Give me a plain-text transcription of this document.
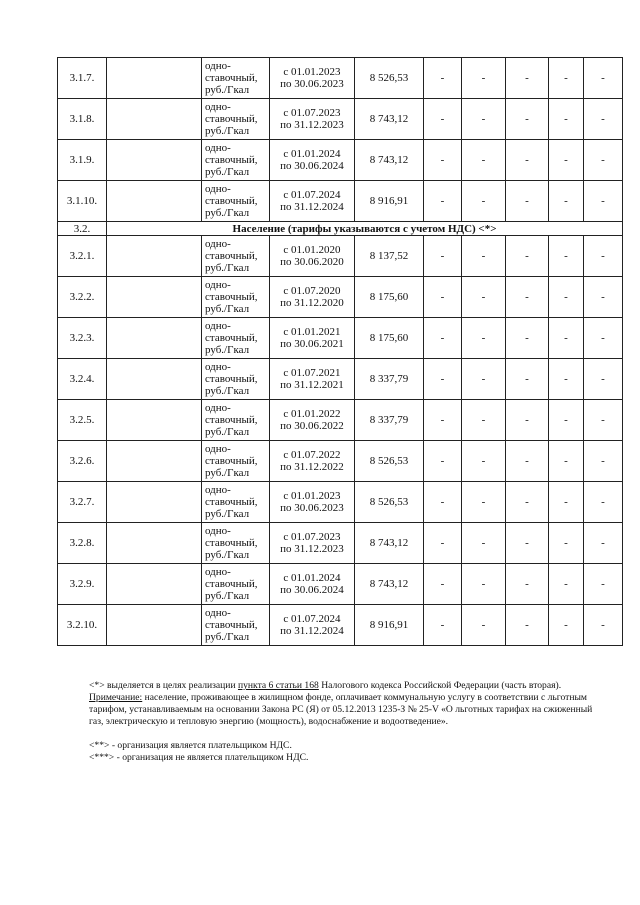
3.1.7.		одно-
ставочный,
руб./Гкал	с 01.01.2023
по 30.06.2023	8 526,53	-	-	-	-	-
3.1.8.		одно-
ставочный,
руб./Гкал	с 01.07.2023
по 31.12.2023	8 743,12	-	-	-	-	-
3.1.9.		одно-
ставочный,
руб./Гкал	с 01.01.2024
по 30.06.2024	8 743,12	-	-	-	-	-
3.1.10.		одно-
ставочный,
руб./Гкал	с 01.07.2024
по 31.12.2024	8 916,91	-	-	-	-	-
3.2.	Население (тарифы указываются с учетом НДС) <*>								
3.2.1.		одно-
ставочный,
руб./Гкал	с 01.01.2020
по 30.06.2020	8 137,52	-	-	-	-	-
3.2.2.		одно-
ставочный,
руб./Гкал	с 01.07.2020
по 31.12.2020	8 175,60	-	-	-	-	-
3.2.3.		одно-
ставочный,
руб./Гкал	с 01.01.2021
по 30.06.2021	8 175,60	-	-	-	-	-
3.2.4.		одно-
ставочный,
руб./Гкал	с 01.07.2021
по 31.12.2021	8 337,79	-	-	-	-	-
3.2.5.		одно-
ставочный,
руб./Гкал	с 01.01.2022
по 30.06.2022	8 337,79	-	-	-	-	-
3.2.6.		одно-
ставочный,
руб./Гкал	с 01.07.2022
по 31.12.2022	8 526,53	-	-	-	-	-
3.2.7.		одно-
ставочный,
руб./Гкал	с 01.01.2023
по 30.06.2023	8 526,53	-	-	-	-	-
3.2.8.		одно-
ставочный,
руб./Гкал	с 01.07.2023
по 31.12.2023	8 743,12	-	-	-	-	-
3.2.9.		одно-
ставочный,
руб./Гкал	с 01.01.2024
по 30.06.2024	8 743,12	-	-	-	-	-
3.2.10.		одно-
ставочный,
руб./Гкал	с 01.07.2024
по 31.12.2024	8 916,91	-	-	-	-	-

<*> выделяется в целях реализации пункта 6 статьи 168 Налогового кодекса Российской Федерации (часть вторая).

Примечание: население, проживающее в жилищном фонде, оплачивает коммунальную услугу в соответствии с льготным тарифом, устанавливаемым на основании Закона РС (Я) от 05.12.2013 1235-З № 25-V «О льготных тарифах на сжиженный газ, электрическую и тепловую энергию (мощность), водоснабжение и водоотведение».

<**> - организация является плательщиком НДС.

<***> - организация не является плательщиком НДС.
